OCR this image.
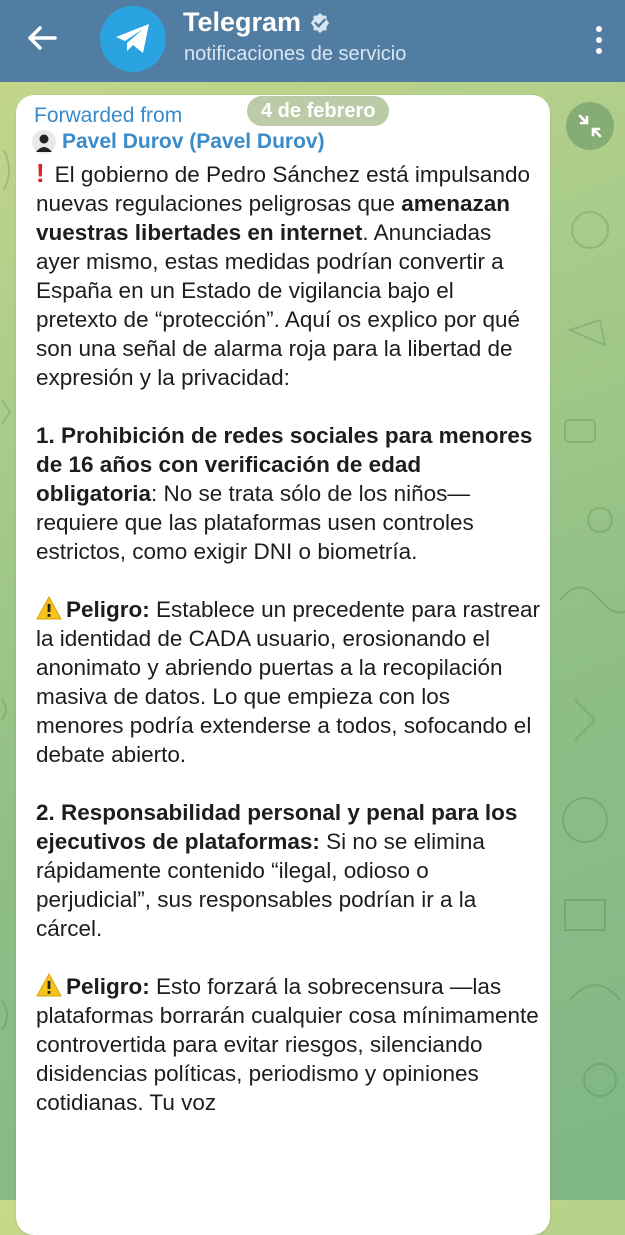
Telegram
notificaciones de servicio
Forwarded from	4 de febrero
Pavel Durov (Pavel Durov)

! El gobierno de Pedro Sánchez está impulsando nuevas regulaciones peligrosas que amenazan vuestras libertades en internet. Anunciadas ayer mismo, estas medidas podrían convertir a España en un Estado de vigilancia bajo el pretexto de “protección”. Aquí os explico por qué son una señal de alarma roja para la libertad de expresión y la privacidad:

1. Prohibición de redes sociales para menores de 16 años con verificación de edad obligatoria: No se trata sólo de los niños—requiere que las plataformas usen controles estrictos, como exigir DNI o biometría.

Peligro: Establece un precedente para rastrear la identidad de CADA usuario, erosionando el anonimato y abriendo puertas a la recopilación masiva de datos. Lo que empieza con los menores podría extenderse a todos, sofocando el debate abierto.

2. Responsabilidad personal y penal para los ejecutivos de plataformas: Si no se elimina rápidamente contenido “ilegal, odioso o perjudicial”, sus responsables podrían ir a la cárcel.

Peligro: Esto forzará la sobrecensura —las plataformas borrarán cualquier cosa mínimamente controvertida para evitar riesgos, silenciando disidencias políticas, periodismo y opiniones cotidianas. Tu voz
